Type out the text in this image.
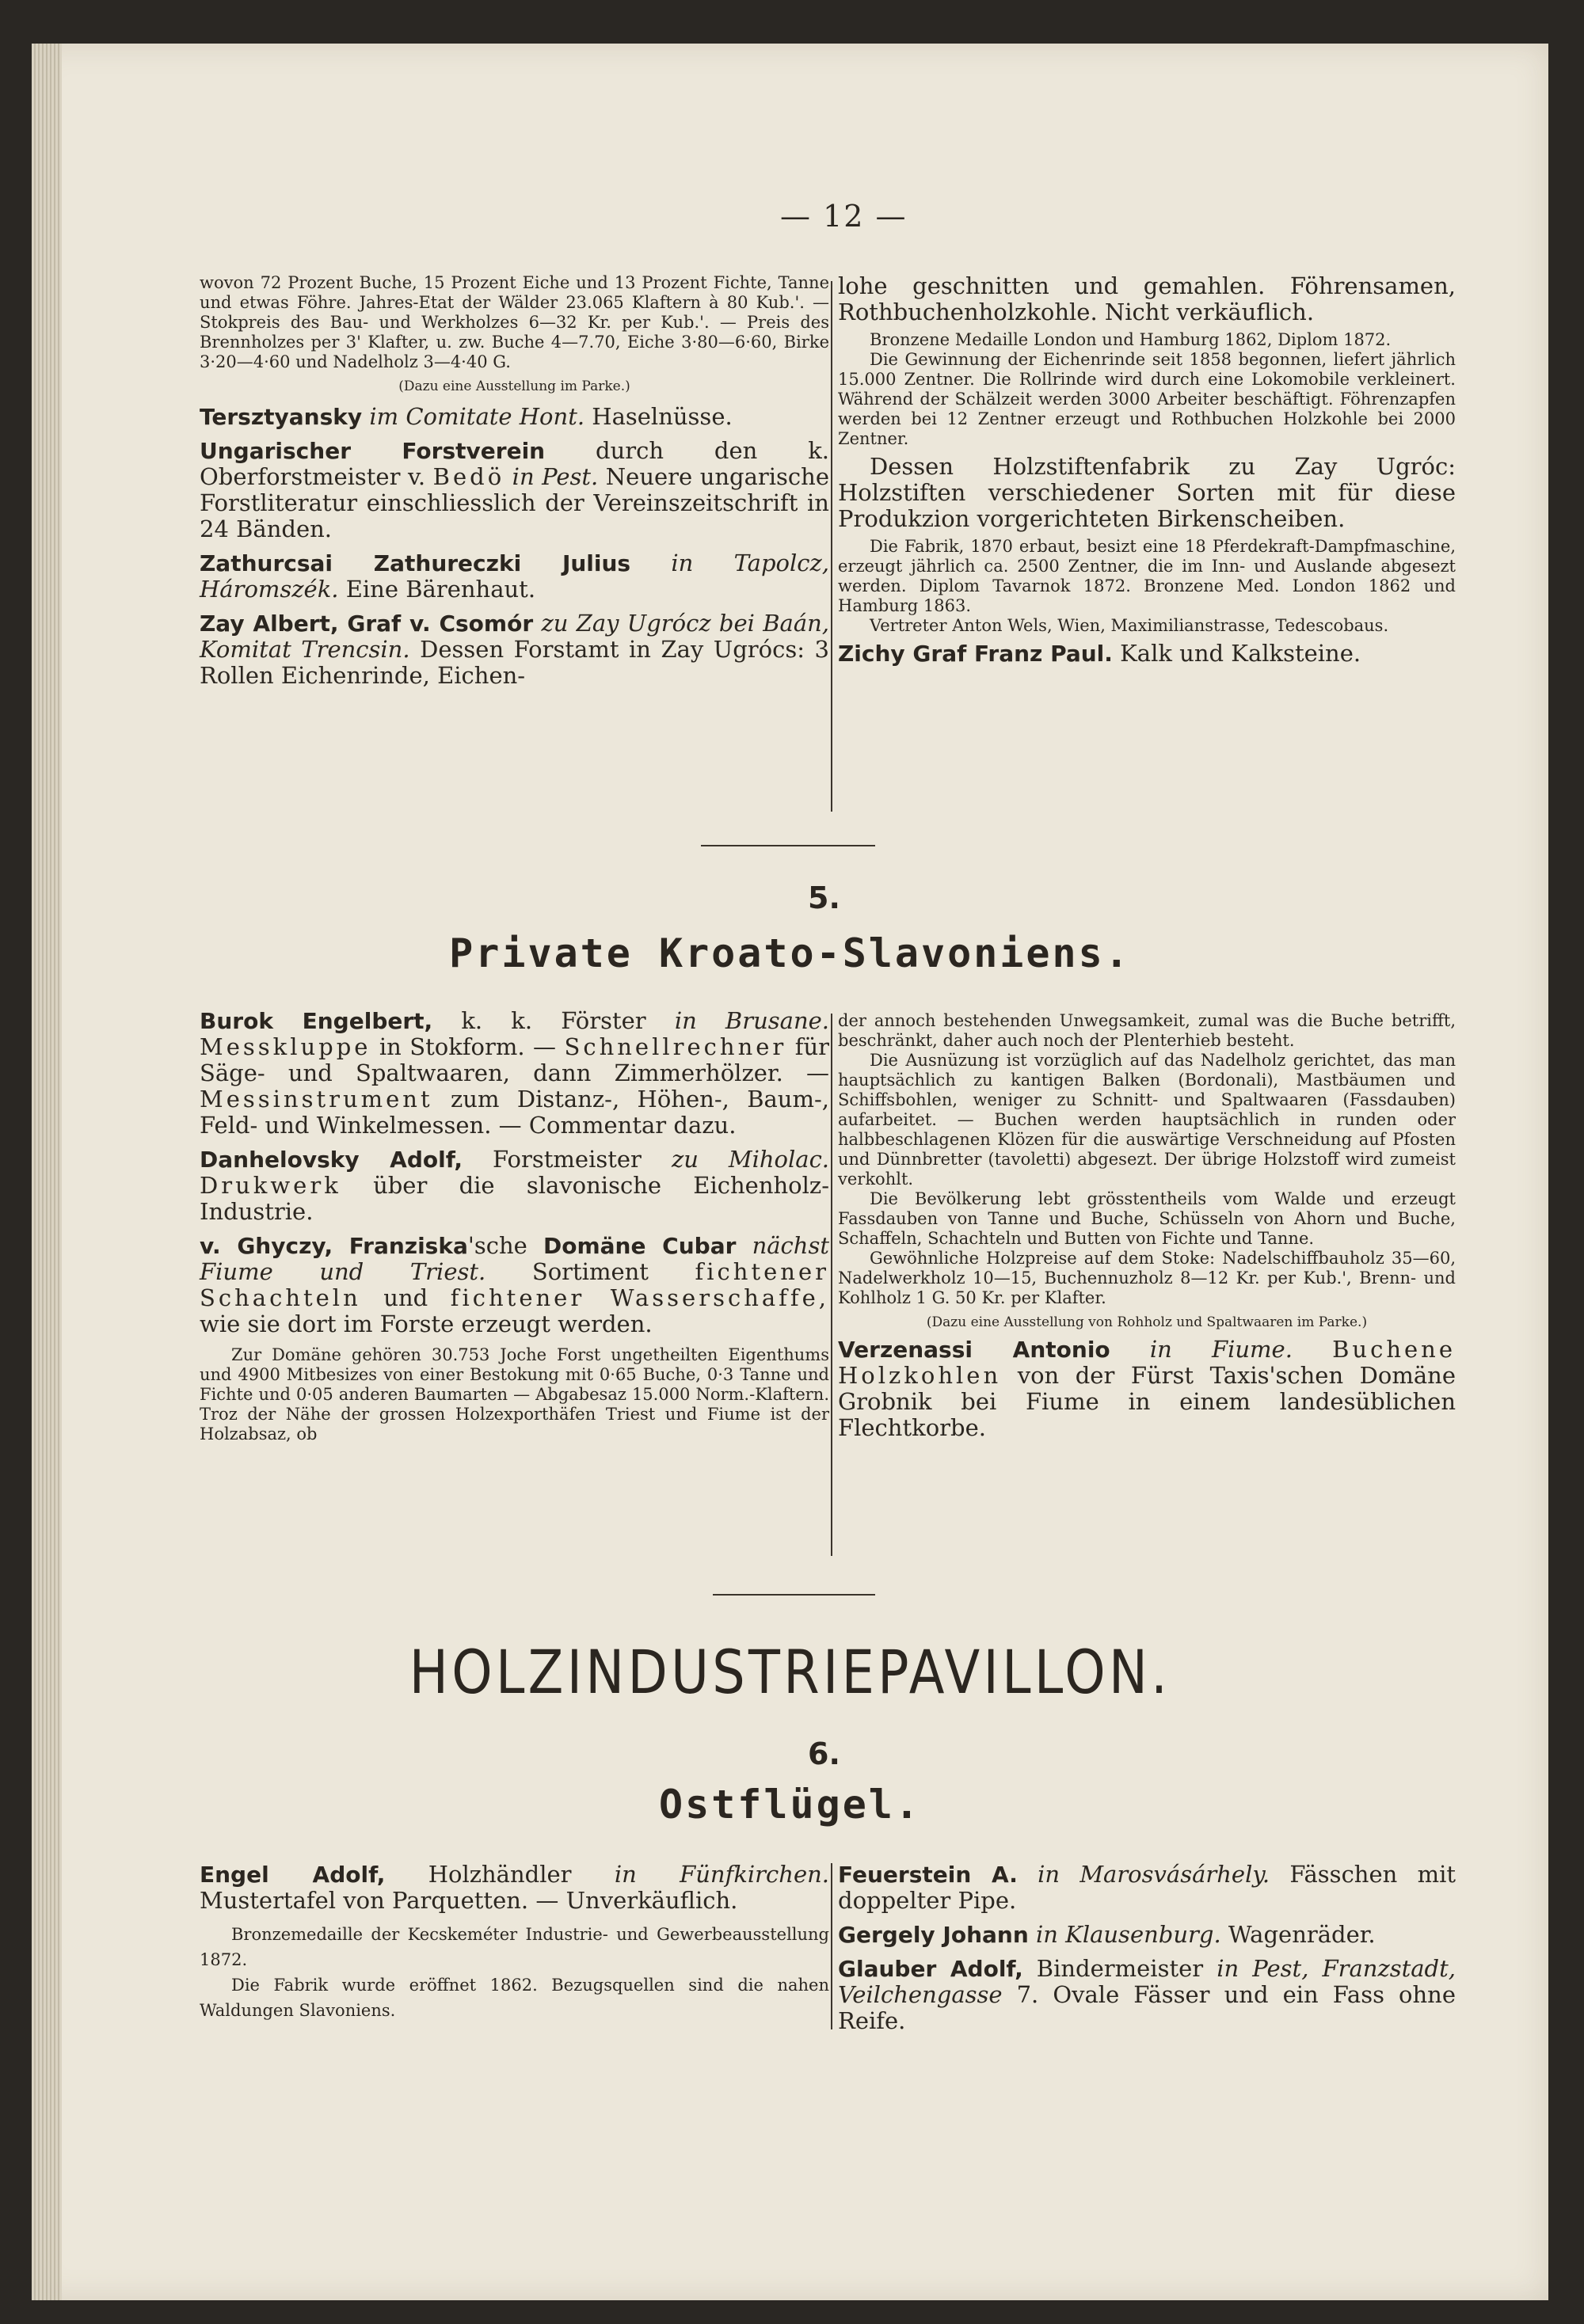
— 12 —

wovon 72 Prozent Buche, 15 Prozent Eiche und 13 Prozent Fichte, Tanne und etwas Föhre. Jahres-Etat der Wälder 23.065 Klaftern à 80 Kub.'. — Stokpreis des Bau- und Werkholzes 6—32 Kr. per Kub.'. — Preis des Brennholzes per 3' Klafter, u. zw. Buche 4—7.70, Eiche 3·80—6·60, Birke 3·20—4·60 und Nadelholz 3—4·40 G.

(Dazu eine Ausstellung im Parke.)

Tersztyansky im Comitate Hont. Haselnüsse.

Ungarischer Forstverein durch den k. Oberforstmeister v. Bedö in Pest. Neuere ungarische Forstliteratur einschliesslich der Vereinszeitschrift in 24 Bänden.

Zathurcsai Zathureczki Julius in Tapolcz, Háromszék. Eine Bärenhaut.

Zay Albert, Graf v. Csomór zu Zay Ugrócz bei Baán, Komitat Trencsin. Dessen Forstamt in Zay Ugrócs: 3 Rollen Eichenrinde, Eichen-

lohe geschnitten und gemahlen. Föhrensamen, Rothbuchenholzkohle. Nicht verkäuflich.

Bronzene Medaille London und Hamburg 1862, Diplom 1872.

Die Gewinnung der Eichenrinde seit 1858 begonnen, liefert jährlich 15.000 Zentner. Die Rollrinde wird durch eine Lokomobile verkleinert. Während der Schälzeit werden 3000 Arbeiter beschäftigt. Föhrenzapfen werden bei 12 Zentner erzeugt und Rothbuchen Holzkohle bei 2000 Zentner.

Dessen Holzstiftenfabrik zu Zay Ugróc: Holzstiften verschiedener Sorten mit für diese Produkzion vorgerichteten Birkenscheiben.

Die Fabrik, 1870 erbaut, besizt eine 18 Pferdekraft-Dampfmaschine, erzeugt jährlich ca. 2500 Zentner, die im Inn- und Auslande abgesezt werden. Diplom Tavarnok 1872. Bronzene Med. London 1862 und Hamburg 1863.

Vertreter Anton Wels, Wien, Maximilianstrasse, Tedescobaus.

Zichy Graf Franz Paul. Kalk und Kalksteine.

5.
Private Kroato-Slavoniens.

Burok Engelbert, k. k. Förster in Brusane. Messkluppe in Stokform. — Schnellrechner für Säge- und Spaltwaaren, dann Zimmerhölzer. — Messinstrument zum Distanz-, Höhen-, Baum-, Feld- und Winkelmessen. — Commentar dazu.

Danhelovsky Adolf, Forstmeister zu Miholac. Drukwerk über die slavonische Eichenholz-Industrie.

v. Ghyczy, Franziska'sche Domäne Cubar nächst Fiume und Triest. Sortiment fichtener Schachteln und fichtener Wasserschaffe, wie sie dort im Forste erzeugt werden.

Zur Domäne gehören 30.753 Joche Forst ungetheilten Eigenthums und 4900 Mitbesizes von einer Bestokung mit 0·65 Buche, 0·3 Tanne und Fichte und 0·05 anderen Baumarten — Abgabesaz 15.000 Norm.-Klaftern. Troz der Nähe der grossen Holzexporthäfen Triest und Fiume ist der Holzabsaz, ob

der annoch bestehenden Unwegsamkeit, zumal was die Buche betrifft, beschränkt, daher auch noch der Plenterhieb besteht.

Die Ausnüzung ist vorzüglich auf das Nadelholz gerichtet, das man hauptsächlich zu kantigen Balken (Bordonali), Mastbäumen und Schiffsbohlen, weniger zu Schnitt- und Spaltwaaren (Fassdauben) aufarbeitet. — Buchen werden hauptsächlich in runden oder halbbeschlagenen Klözen für die auswärtige Verschneidung auf Pfosten und Dünnbretter (tavoletti) abgesezt. Der übrige Holzstoff wird zumeist verkohlt.

Die Bevölkerung lebt grösstentheils vom Walde und erzeugt Fassdauben von Tanne und Buche, Schüsseln von Ahorn und Buche, Schaffeln, Schachteln und Butten von Fichte und Tanne.

Gewöhnliche Holzpreise auf dem Stoke: Nadelschiffbauholz 35—60, Nadelwerkholz 10—15, Buchennuzholz 8—12 Kr. per Kub.', Brenn- und Kohlholz 1 G. 50 Kr. per Klafter.

(Dazu eine Ausstellung von Rohholz und Spaltwaaren im Parke.)

Verzenassi Antonio in Fiume. Buchene Holzkohlen von der Fürst Taxis'schen Domäne Grobnik bei Fiume in einem landesüblichen Flechtkorbe.

HOLZINDUSTRIEPAVILLON.
6.
Ostflügel.

Engel Adolf, Holzhändler in Fünfkirchen. Mustertafel von Parquetten. — Unverkäuflich.

Bronzemedaille der Kecskeméter Industrie- und Gewerbeausstellung 1872.

Die Fabrik wurde eröffnet 1862. Bezugsquellen sind die nahen Waldungen Slavoniens.

Feuerstein A. in Marosvásárhely. Fässchen mit doppelter Pipe.

Gergely Johann in Klausenburg. Wagenräder.

Glauber Adolf, Bindermeister in Pest, Franzstadt, Veilchengasse 7. Ovale Fässer und ein Fass ohne Reife.
